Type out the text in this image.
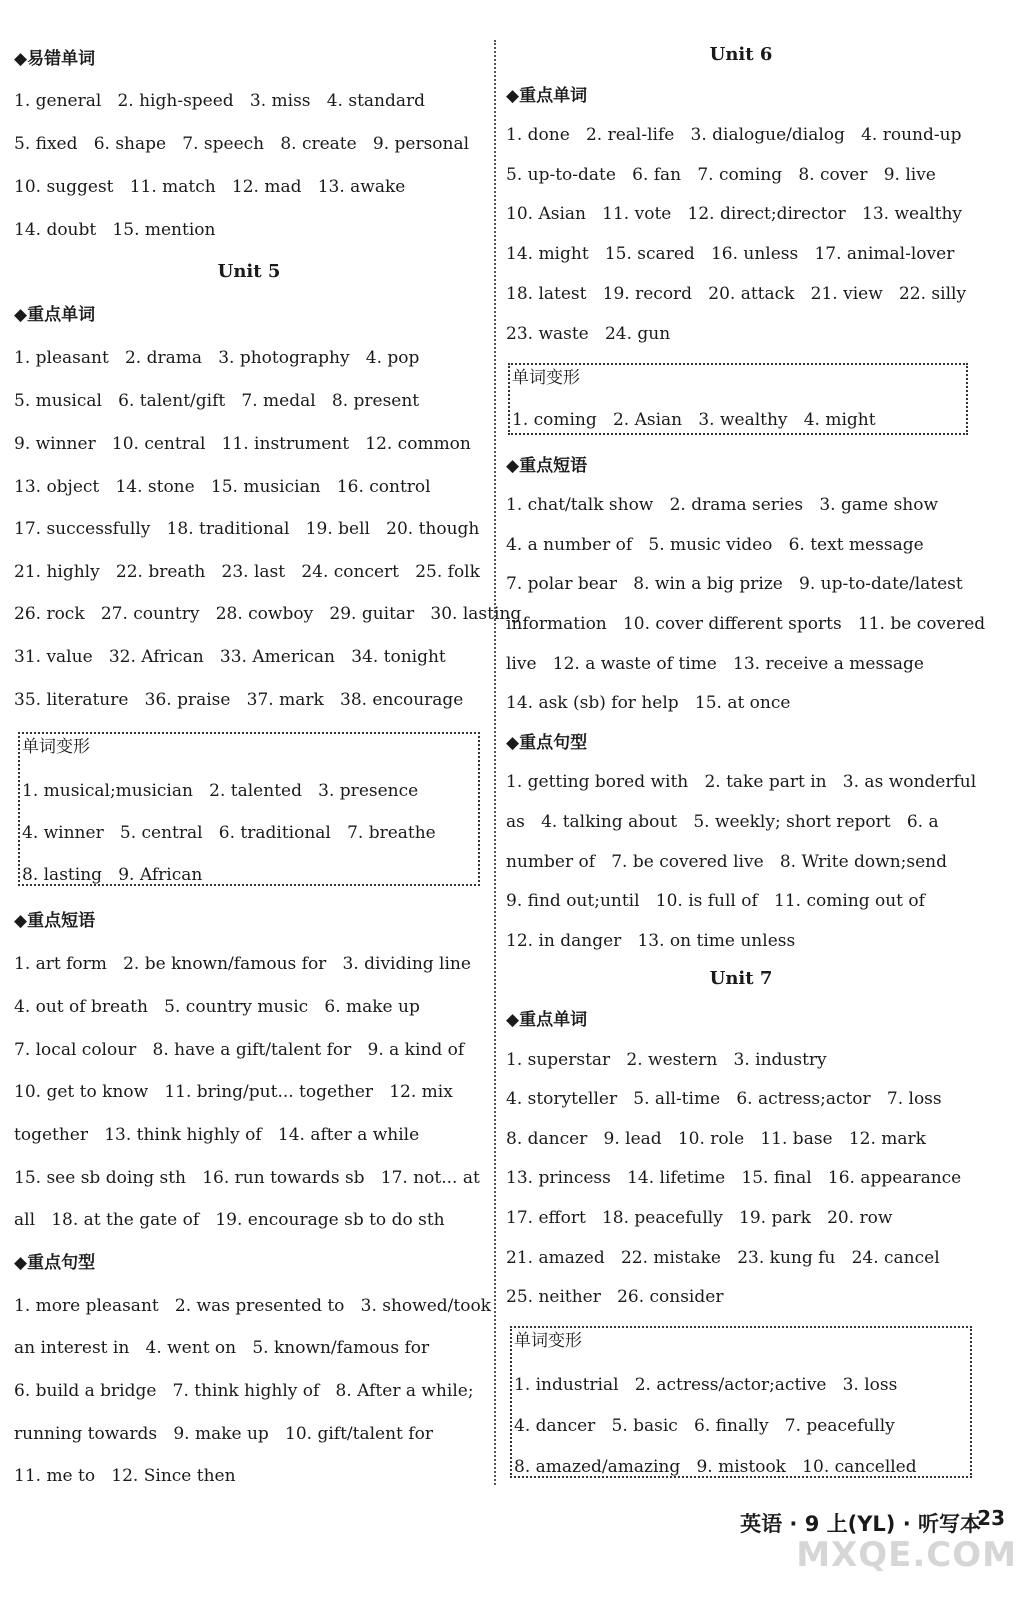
◆易错单词
1. general   2. high-speed   3. miss   4. standard
5. fixed   6. shape   7. speech   8. create   9. personal
10. suggest   11. match   12. mad   13. awake
14. doubt   15. mention
Unit 5
◆重点单词
1. pleasant   2. drama   3. photography   4. pop
5. musical   6. talent/gift   7. medal   8. present
9. winner   10. central   11. instrument   12. common
13. object   14. stone   15. musician   16. control
17. successfully   18. traditional   19. bell   20. though
21. highly   22. breath   23. last   24. concert   25. folk
26. rock   27. country   28. cowboy   29. guitar   30. lasting
31. value   32. African   33. American   34. tonight
35. literature   36. praise   37. mark   38. encourage
单词变形
1. musical;musician   2. talented   3. presence
4. winner   5. central   6. traditional   7. breathe
8. lasting   9. African
◆重点短语
1. art form   2. be known/famous for   3. dividing line
4. out of breath   5. country music   6. make up
7. local colour   8. have a gift/talent for   9. a kind of
10. get to know   11. bring/put... together   12. mix
together   13. think highly of   14. after a while
15. see sb doing sth   16. run towards sb   17. not... at
all   18. at the gate of   19. encourage sb to do sth
◆重点句型
1. more pleasant   2. was presented to   3. showed/took
an interest in   4. went on   5. known/famous for
6. build a bridge   7. think highly of   8. After a while;
running towards   9. make up   10. gift/talent for
11. me to   12. Since then
Unit 6
◆重点单词
1. done   2. real-life   3. dialogue/dialog   4. round-up
5. up-to-date   6. fan   7. coming   8. cover   9. live
10. Asian   11. vote   12. direct;director   13. wealthy
14. might   15. scared   16. unless   17. animal-lover
18. latest   19. record   20. attack   21. view   22. silly
23. waste   24. gun
单词变形
1. coming   2. Asian   3. wealthy   4. might
◆重点短语
1. chat/talk show   2. drama series   3. game show
4. a number of   5. music video   6. text message
7. polar bear   8. win a big prize   9. up-to-date/latest
information   10. cover different sports   11. be covered
live   12. a waste of time   13. receive a message
14. ask (sb) for help   15. at once
◆重点句型
1. getting bored with   2. take part in   3. as wonderful
as   4. talking about   5. weekly; short report   6. a
number of   7. be covered live   8. Write down;send
9. find out;until   10. is full of   11. coming out of
12. in danger   13. on time unless
Unit 7
◆重点单词
1. superstar   2. western   3. industry
4. storyteller   5. all-time   6. actress;actor   7. loss
8. dancer   9. lead   10. role   11. base   12. mark
13. princess   14. lifetime   15. final   16. appearance
17. effort   18. peacefully   19. park   20. row
21. amazed   22. mistake   23. kung fu   24. cancel
25. neither   26. consider
单词变形
1. industrial   2. actress/actor;active   3. loss
4. dancer   5. basic   6. finally   7. peacefully
8. amazed/amazing   9. mistook   10. cancelled
英语 · 9 上(YL) · 听写本
23
MXQE.COM
